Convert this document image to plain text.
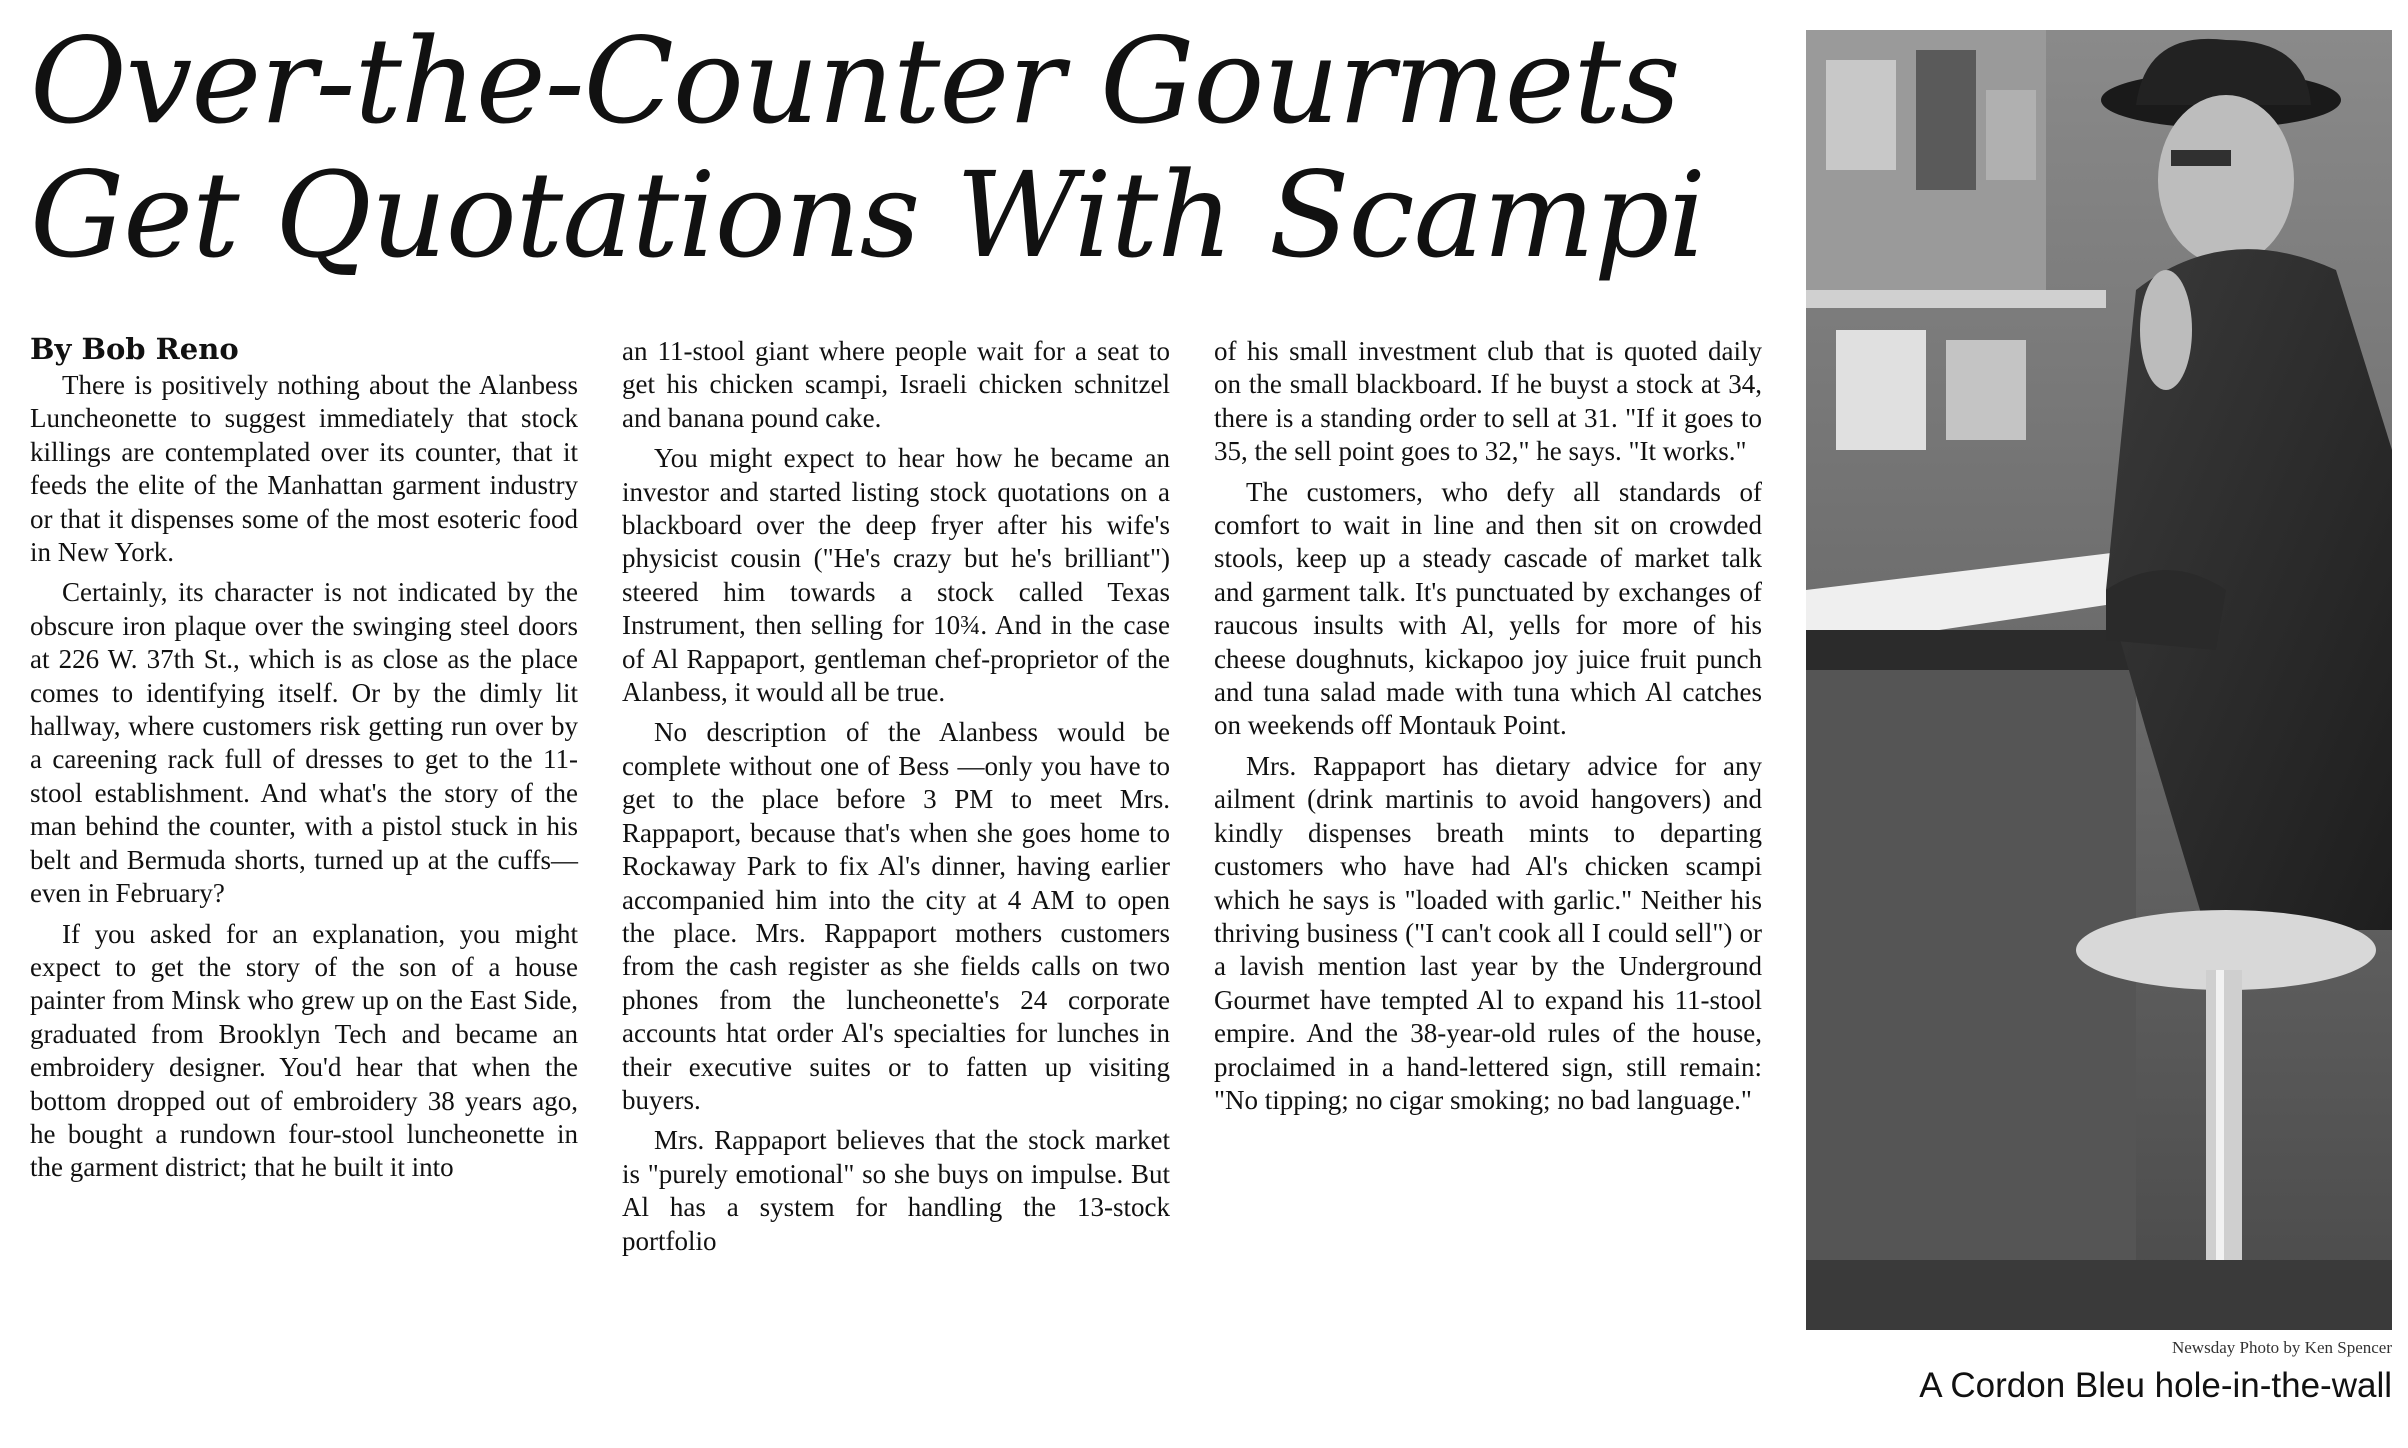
Over-the-Counter Gourmets
Get Quotations With Scampi
By Bob Reno

There is positively nothing about the Alanbess Luncheonette to suggest immediately that stock killings are contemplated over its counter, that it feeds the elite of the Manhattan garment industry or that it dispenses some of the most esoteric food in New York.

Certainly, its character is not indicated by the obscure iron plaque over the swinging steel doors at 226 W. 37th St., which is as close as the place comes to identifying itself. Or by the dimly lit hallway, where customers risk getting run over by a careening rack full of dresses to get to the 11-stool establishment. And what's the story of the man behind the counter, with a pistol stuck in his belt and Bermuda shorts, turned up at the cuffs—even in February?

If you asked for an explanation, you might expect to get the story of the son of a house painter from Minsk who grew up on the East Side, graduated from Brooklyn Tech and became an embroidery designer. You'd hear that when the bottom dropped out of embroidery 38 years ago, he bought a rundown four-stool luncheonette in the garment district; that he built it into

an 11-stool giant where people wait for a seat to get his chicken scampi, Israeli chicken schnitzel and banana pound cake.

You might expect to hear how he became an investor and started listing stock quotations on a blackboard over the deep fryer after his wife's physicist cousin ("He's crazy but he's brilliant") steered him towards a stock called Texas Instrument, then selling for 10¾. And in the case of Al Rappaport, gentleman chef-proprietor of the Alanbess, it would all be true.

No description of the Alanbess would be complete without one of Bess —only you have to get to the place before 3 PM to meet Mrs. Rappaport, because that's when she goes home to Rockaway Park to fix Al's dinner, having earlier accompanied him into the city at 4 AM to open the place. Mrs. Rappaport mothers customers from the cash register as she fields calls on two phones from the luncheonette's 24 corporate accounts htat order Al's specialties for lunches in their executive suites or to fatten up visiting buyers.

Mrs. Rappaport believes that the stock market is "purely emotional" so she buys on impulse. But Al has a system for handling the 13-stock portfolio

of his small investment club that is quoted daily on the small blackboard. If he buyst a stock at 34, there is a standing order to sell at 31. "If it goes to 35, the sell point goes to 32," he says. "It works."

The customers, who defy all standards of comfort to wait in line and then sit on crowded stools, keep up a steady cascade of market talk and garment talk. It's punctuated by exchanges of raucous insults with Al, yells for more of his cheese doughnuts, kickapoo joy juice fruit punch and tuna salad made with tuna which Al catches on weekends off Montauk Point.

Mrs. Rappaport has dietary advice for any ailment (drink martinis to avoid hangovers) and kindly dispenses breath mints to departing customers who have had Al's chicken scampi which he says is "loaded with garlic." Neither his thriving business ("I can't cook all I could sell") or a lavish mention last year by the Underground Gourmet have tempted Al to expand his 11-stool empire. And the 38-year-old rules of the house, proclaimed in a hand-lettered sign, still remain: "No tipping; no cigar smoking; no bad language."

Newsday Photo by Ken Spencer
A Cordon Bleu hole-in-the-wall
